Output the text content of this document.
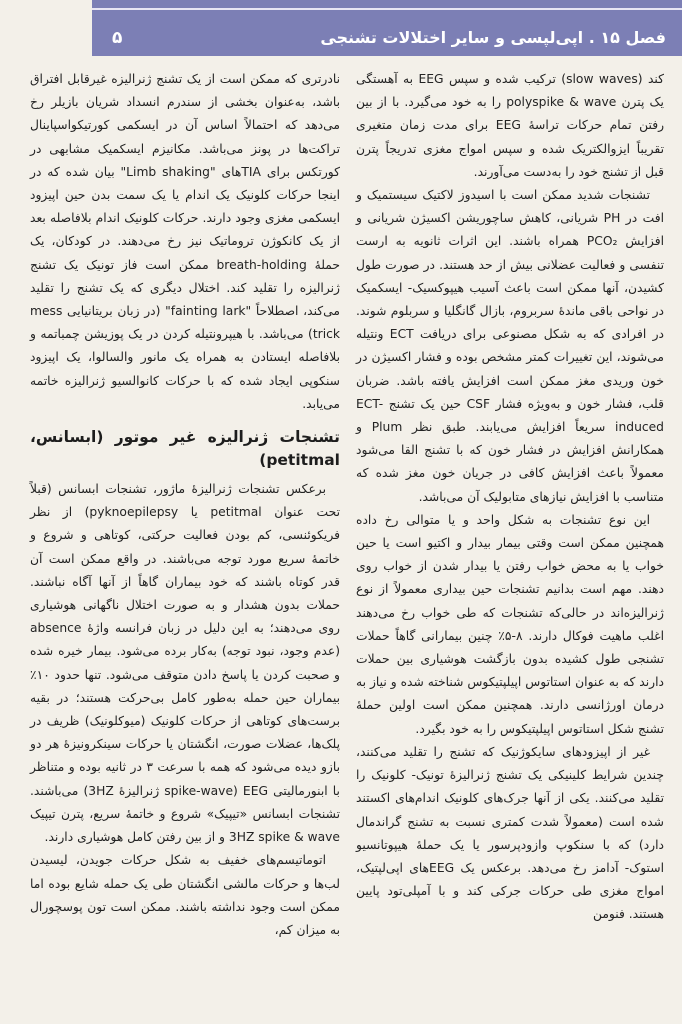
فصل ۱۵ . اپی‌لپسی و سایر اختلالات تشنجی
۵

کند (slow waves) ترکیب شده و سپس EEG به آهستگی یک پترن polyspike & wave را به خود می‌گیرد. با از بین رفتن تمام حرکات تراسهٔ EEG برای مدت زمان متغیری تقریباً ایزوالکتریک شده و سپس امواج مغزی تدریجاً پترن قبل از تشنج خود را به‌دست می‌آورند.

تشنجات شدید ممکن است با اسیدوز لاکتیک سیستمیک و افت در PH شریانی، کاهش ساچوریشن اکسیژن شریانی و افزایش PCO₂ همراه باشند. این اثرات ثانویه به ارست تنفسی و فعالیت عضلانی بیش از حد هستند. در صورت طول کشیدن، آنها ممکن است باعث آسیب هیپوکسیک- ایسکمیک در نواحی باقی ماندهٔ سربروم، بازال گانگلیا و سربلوم شوند. در افرادی که به شکل مصنوعی برای دریافت ECT ونتیله می‌شوند، این تغییرات کمتر مشخص بوده و فشار اکسیژن در خون وریدی مغز ممکن است افزایش یافته باشد. ضربان قلب، فشار خون و به‌ویژه فشار CSF حین یک تشنج ECT-induced سریعاً افزایش می‌یابند. طبق نظر Plum و همکارانش افزایش در فشار خون که با تشنج القا می‌شود معمولاً باعث افزایش کافی در جریان خون مغز شده که متناسب با افزایش نیازهای متابولیک آن می‌باشد.

این نوع تشنجات به شکل واحد و یا متوالی رخ داده همچنین ممکن است وقتی بیمار بیدار و اکتیو است یا حین خواب یا به محض خواب رفتن یا بیدار شدن از خواب روی دهند. مهم است بدانیم تشنجات حین بیداری معمولاً از نوع ژنرالیزه‌اند در حالی‌که تشنجات که طی خواب رخ می‌دهند اغلب ماهیت فوکال دارند. ۸-۵٪ چنین بیمارانی گاهاً حملات تشنجی طول کشیده بدون بازگشت هوشیاری بین حملات دارند که به عنوان استاتوس اپیلپتیکوس شناخته شده و نیاز به درمان اورژانسی دارند. همچنین ممکن است اولین حملهٔ تشنج شکل استاتوس اپیلپتیکوس را به خود بگیرد.

غیر از اپیزودهای سایکوژنیک که تشنج را تقلید می‌کنند، چندین شرایط کلینیکی یک تشنج ژنرالیزهٔ تونیک- کلونیک را تقلید می‌کنند. یکی از آنها جرک‌های کلونیک اندام‌های اکستند شده است (معمولاً شدت کمتری نسبت به تشنج گراندمال دارد) که با سنکوپ وازودپرسور یا یک حملهٔ هیپوتانسیو استوک- آدامز رخ می‌دهد. برعکس یک EEGهای اپی‌لپتیک، امواج مغزی طی حرکات جرکی کند و با آمپلی‌تود پایین هستند. فنومن

نادرتری که ممکن است از یک تشنج ژنرالیزه غیرقابل افتراق باشد، به‌عنوان بخشی از سندرم انسداد شریان بازیلر رخ می‌دهد که احتمالاً اساس آن در ایسکمی کورتیکواسپاینال تراکت‌ها در پونز می‌باشد. مکانیزم ایسکمیک مشابهی در کورتکس برای TIAهای "Limb shaking" بیان شده که در اینجا حرکات کلونیک یک اندام یا یک سمت بدن حین اپیزود ایسکمی مغزی وجود دارند. حرکات کلونیک اندام بلافاصله بعد از یک کانکوژن تروماتیک نیز رخ می‌دهند. در کودکان، یک حملهٔ breath-holding ممکن است فاز تونیک یک تشنج ژنرالیزه را تقلید کند. اختلال دیگری که یک تشنج را تقلید می‌کند، اصطلاحاً "fainting lark" (در زبان بریتانیایی mess trick) می‌باشد. با هیپرونتیله کردن در یک پوزیشن چمباتمه و بلافاصله ایستادن به همراه یک مانور والسالوا، یک اپیزود سنکوپی ایجاد شده که با حرکات کانوالسیو ژنرالیزه خاتمه می‌یابد.

تشنجات ژنرالیزه غیر موتور (ابسانس، petitmal)

برعکس تشنجات ژنرالیزهٔ ماژور، تشنجات ابسانس (قبلاً تحت عنوان petitmal یا pyknoepilepsy) از نظر فریکوئنسی، کم بودن فعالیت حرکتی، کوتاهی و شروع و خاتمهٔ سریع مورد توجه می‌باشند. در واقع ممکن است آن قدر کوتاه باشند که خود بیماران گاهاً از آنها آگاه نباشند. حملات بدون هشدار و به صورت اختلال ناگهانی هوشیاری روی می‌دهند؛ به این دلیل در زبان فرانسه واژهٔ absence (عدم وجود، نبود توجه) به‌کار برده می‌شود. بیمار خیره شده و صحبت کردن یا پاسخ دادن متوقف می‌شود. تنها حدود ۱۰٪ بیماران حین حمله به‌طور کامل بی‌حرکت هستند؛ در بقیه برست‌های کوتاهی از حرکات کلونیک (میوکلونیک) ظریف در پلک‌ها، عضلات صورت، انگشتان یا حرکات سینکرونیزهٔ هر دو بازو دیده می‌شود که همه با سرعت ۳ در ثانیه بوده و متناظر با ابنورمالیتی spike-wave) EEG ژنرالیزهٔ 3HZ) می‌باشند. تشنجات ابسانس «تیپیک» شروع و خاتمهٔ سریع، پترن تیپیک 3HZ spike & wave و از بین رفتن کامل هوشیاری دارند.

اتوماتیسم‌های خفیف به شکل حرکات جویدن، لیسیدن لب‌ها و حرکات مالشی انگشتان طی یک حمله شایع بوده اما ممکن است وجود نداشته باشند. ممکن است تون پوسچورال به میزان کم،
